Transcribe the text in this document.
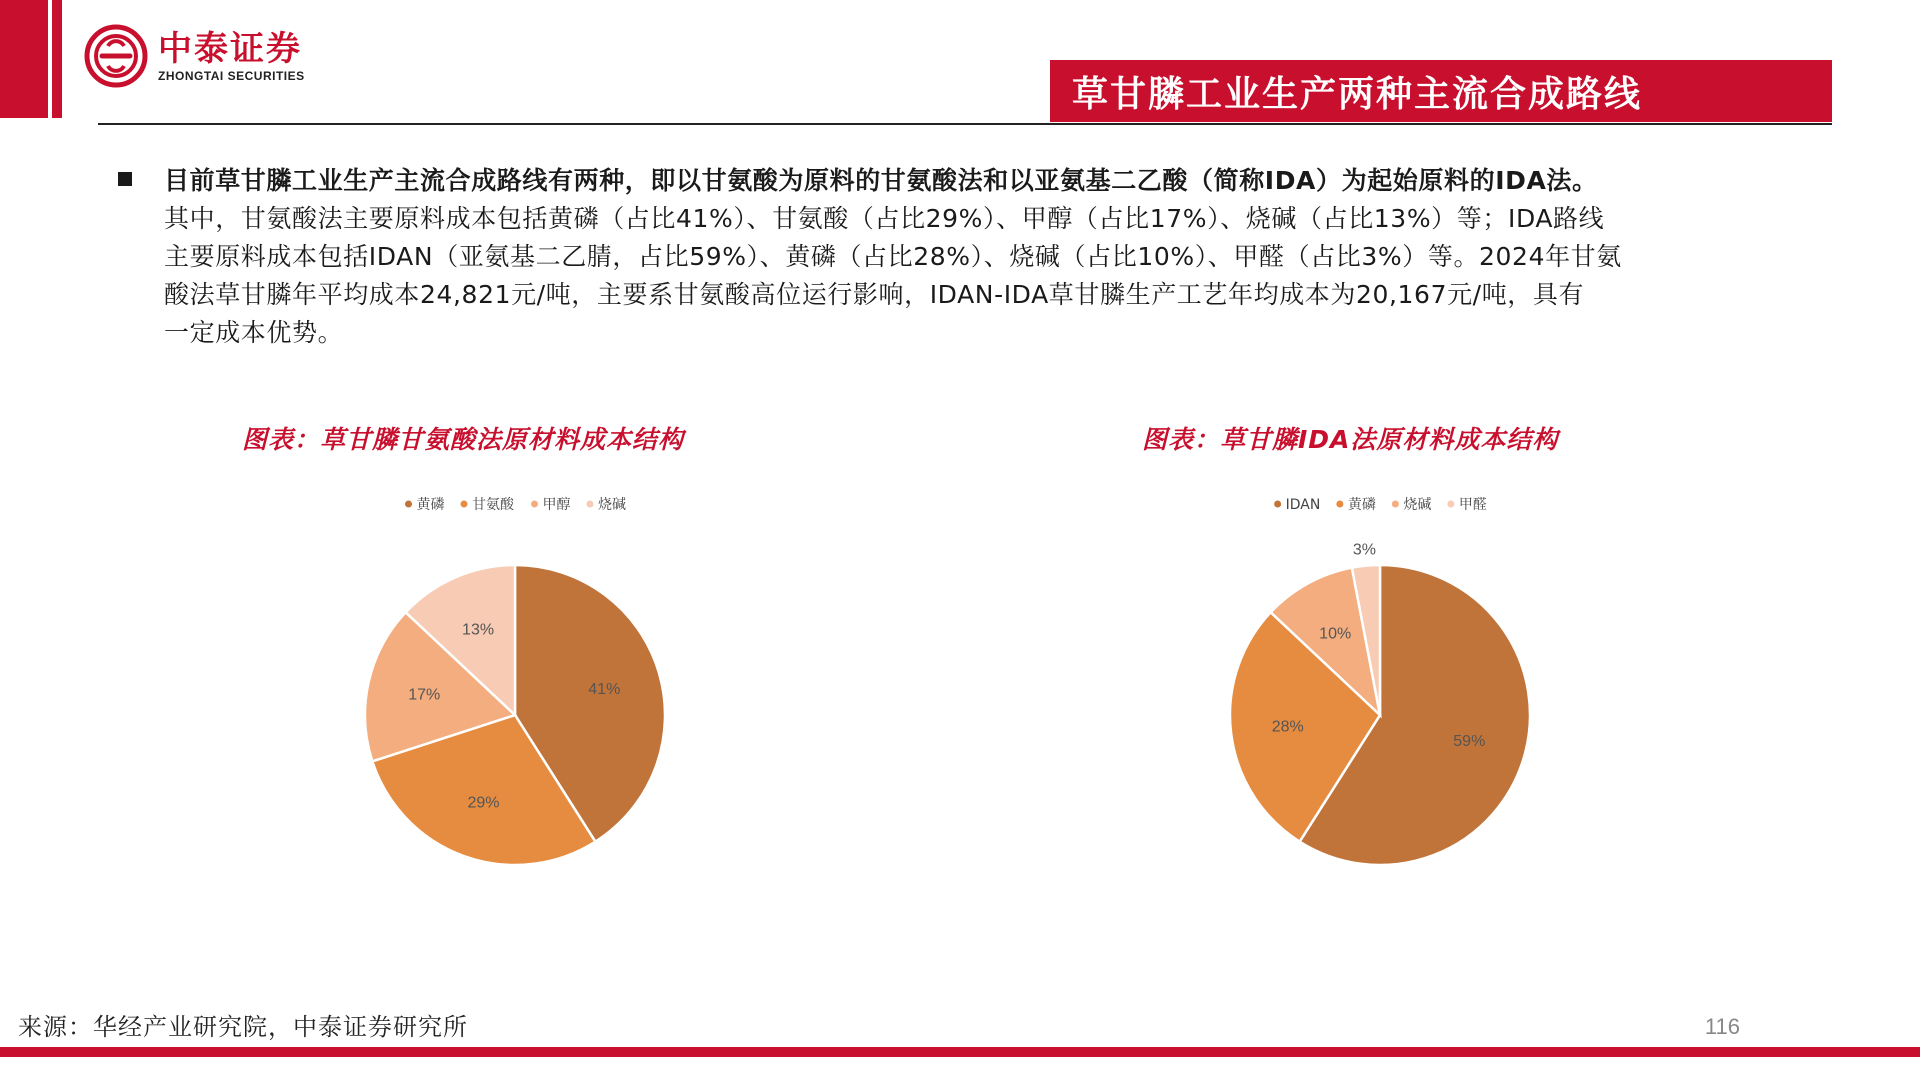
中泰证券
ZHONGTAI SECURITIES	草甘膦工业生产两种主流合成路线
目前草甘膦工业生产主流合成路线有两种，即以甘氨酸为原料的甘氨酸法和以亚氨基二乙酸（简称IDA）为起始原料的IDA法。
其中，甘氨酸法主要原料成本包括黄磷（占比41%）、甘氨酸（占比29%）、甲醇（占比17%）、烧碱（占比13%）等；IDA路线
主要原料成本包括IDAN（亚氨基二乙腈，占比59%）、黄磷（占比28%）、烧碱（占比10%）、甲醛（占比3%）等。2024年甘氨
酸法草甘膦年平均成本24,821元/吨，主要系甘氨酸高位运行影响，IDAN-IDA草甘膦生产工艺年均成本为20,167元/吨，具有
一定成本优势。
图表：草甘膦甘氨酸法原材料成本结构	图表：草甘膦IDA法原材料成本结构
黄磷 甘氨酸 甲醇 烧碱
41%
29%
17%
13%
IDAN 黄磷 烧碱 甲醛
59%
28%
10%
3%
来源：华经产业研究院，中泰证券研究所	116
